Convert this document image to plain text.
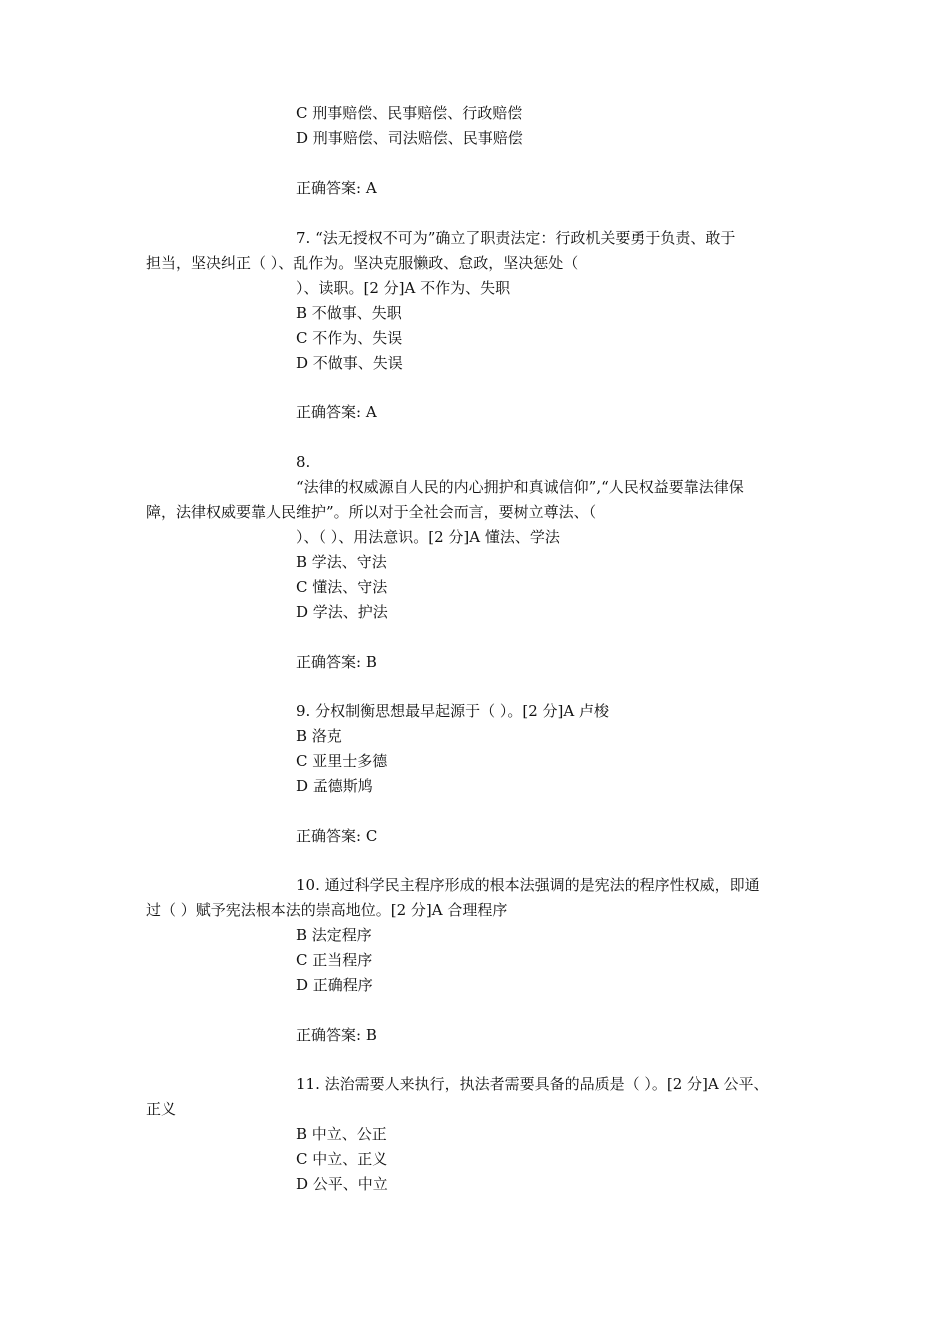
C 刑事赔偿、民事赔偿、行政赔偿
D 刑事赔偿、司法赔偿、民事赔偿
正确答案: A
7. “法无授权不可为”确立了职责法定：行政机关要勇于负责、敢于
担当，坚决纠正（ ）、乱作为。坚决克服懒政、怠政，坚决惩处（
）、读职。[2 分]A 不作为、失职
B 不做事、失职
C 不作为、失误
D 不做事、失误
正确答案: A
8.
“法律的权威源自人民的内心拥护和真诚信仰”,“人民权益要靠法律保
障，法律权威要靠人民维护”。所以对于全社会而言，要树立尊法、（
）、（ ）、用法意识。[2 分]A 懂法、学法
B 学法、守法
C 懂法、守法
D 学法、护法
正确答案: B
9. 分权制衡思想最早起源于（ ）。[2 分]A 卢梭
B 洛克
C 亚里士多德
D 孟德斯鸠
正确答案: C
10. 通过科学民主程序形成的根本法强调的是宪法的程序性权威，即通
过（ ）赋予宪法根本法的崇高地位。[2 分]A 合理程序
B 法定程序
C 正当程序
D 正确程序
正确答案: B
11. 法治需要人来执行，执法者需要具备的品质是（ ）。[2 分]A 公平、
正义
B 中立、公正
C 中立、正义
D 公平、中立
